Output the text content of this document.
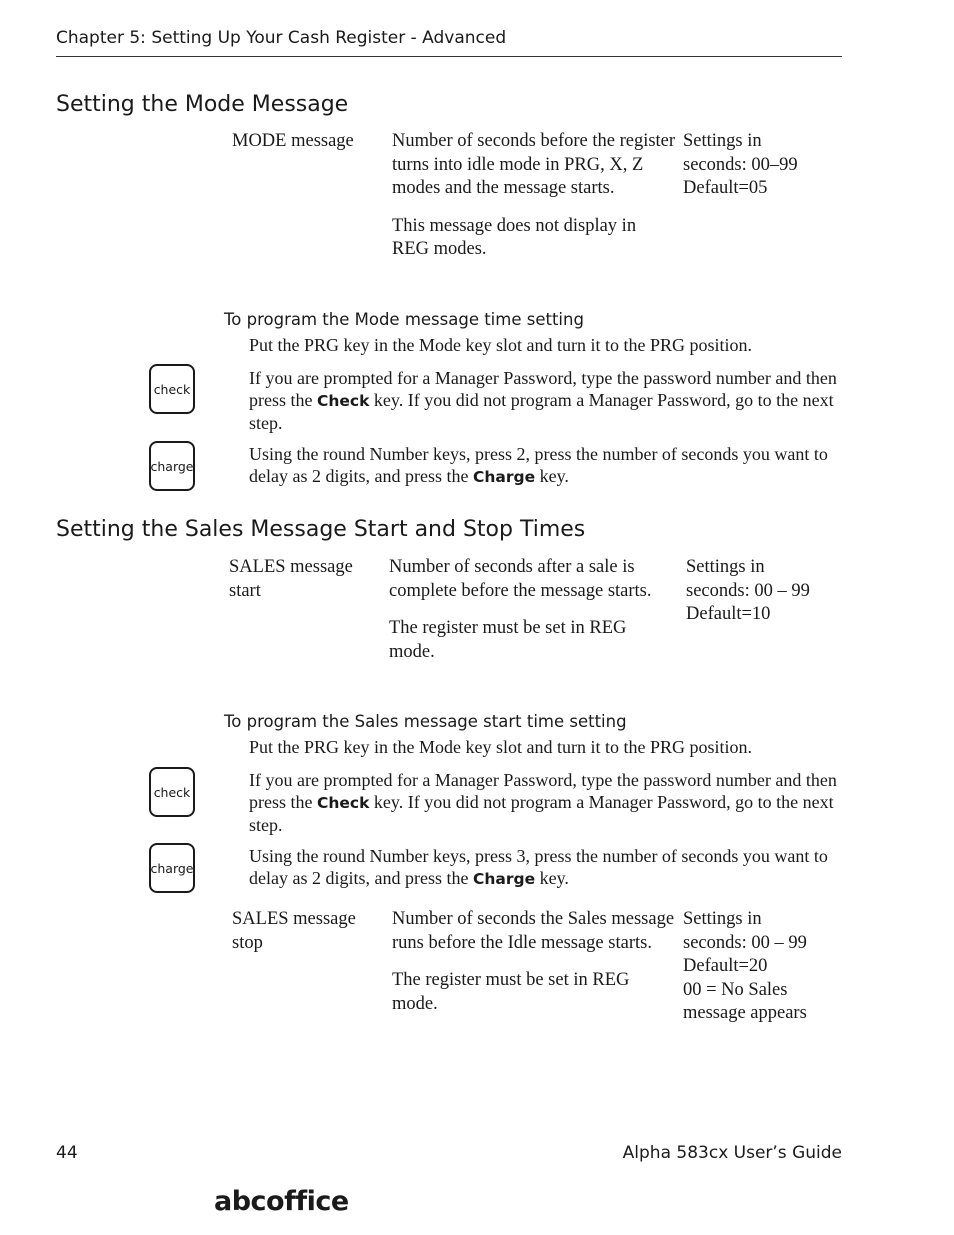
Chapter 5: Setting Up Your Cash Register - Advanced
Setting the Mode Message
MODE message	Number of seconds before the register turns into idle mode in PRG, X, Z modes and the message starts.

This message does not display in REG modes.

Settings in
seconds: 00–99
Default=05
To program the Mode message time setting
Put the PRG key in the Mode key slot and turn it to the PRG position.
check
If you are prompted for a Manager Password, type the password number and then press the Check key. If you did not program a Manager Password, go to the next step.
charge
Using the round Number keys, press 2, press the number of seconds you want to delay as 2 digits, and press the Charge key.
Setting the Sales Message Start and Stop Times
SALES message start

Number of seconds after a sale is complete before the message starts.

The register must be set in REG mode.

Settings in
seconds: 00 – 99
Default=10
To program the Sales message start time setting
Put the PRG key in the Mode key slot and turn it to the PRG position.
check
If you are prompted for a Manager Password, type the password number and then press the Check key. If you did not program a Manager Password, go to the next step.
charge
Using the round Number keys, press 3, press the number of seconds you want to delay as 2 digits, and press the Charge key.
SALES message stop

Number of seconds the Sales message runs before the Idle message starts.

The register must be set in REG mode.

Settings in
seconds: 00 – 99
Default=20
00 = No Sales message appears
44	Alpha 583cx User’s Guide
abcoffice
